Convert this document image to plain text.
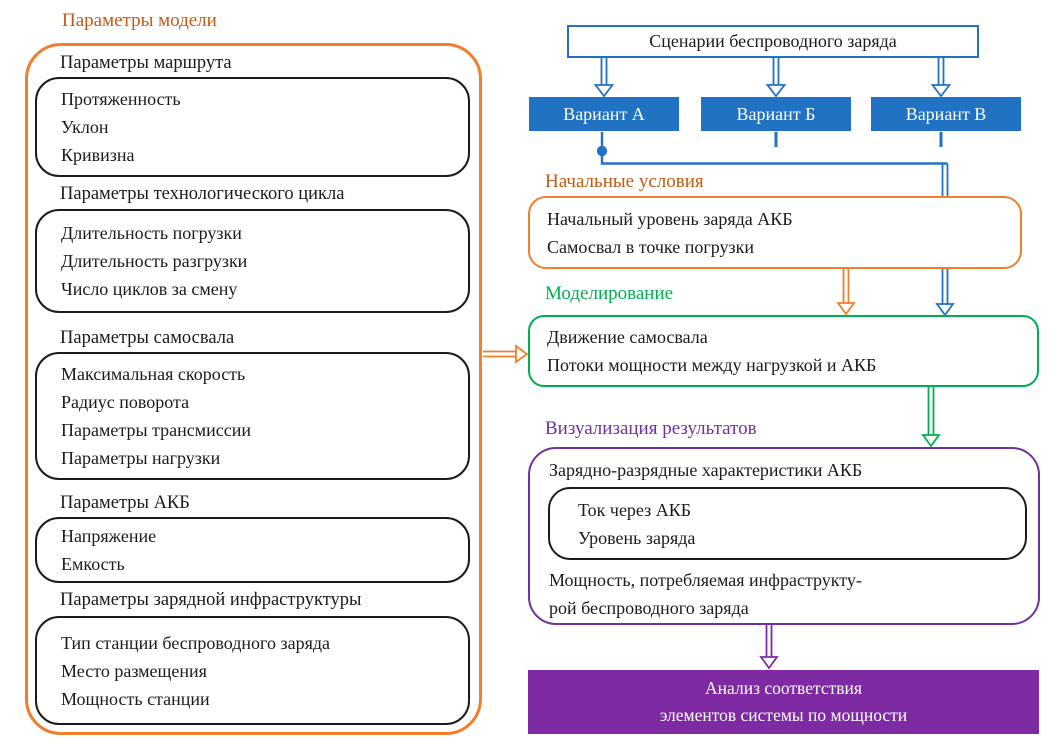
Параметры модели
Параметры маршрута
Протяженность
Уклон
Кривизна
Параметры технологического цикла
Длительность погрузки
Длительность разгрузки
Число циклов за смену
Параметры самосвала
Максимальная скорость
Радиус поворота
Параметры трансмиссии
Параметры нагрузки
Параметры АКБ
Напряжение
Емкость
Параметры зарядной инфраструктуры
Тип станции беспроводного заряда
Место размещения
Мощность станции
Сценарии беспроводного заряда
Вариант А	Вариант Б	Вариант В
Начальные условия
Начальный уровень заряда АКБ
Самосвал в точке погрузки
Моделирование
Движение самосвала
Потоки мощности между нагрузкой и АКБ
Визуализация результатов
Зарядно-разрядные характеристики АКБ
Ток через АКБ
Уровень заряда
Мощность, потребляемая инфраструкту-
рой беспроводного заряда
Анализ соответствия
элементов системы по мощности
